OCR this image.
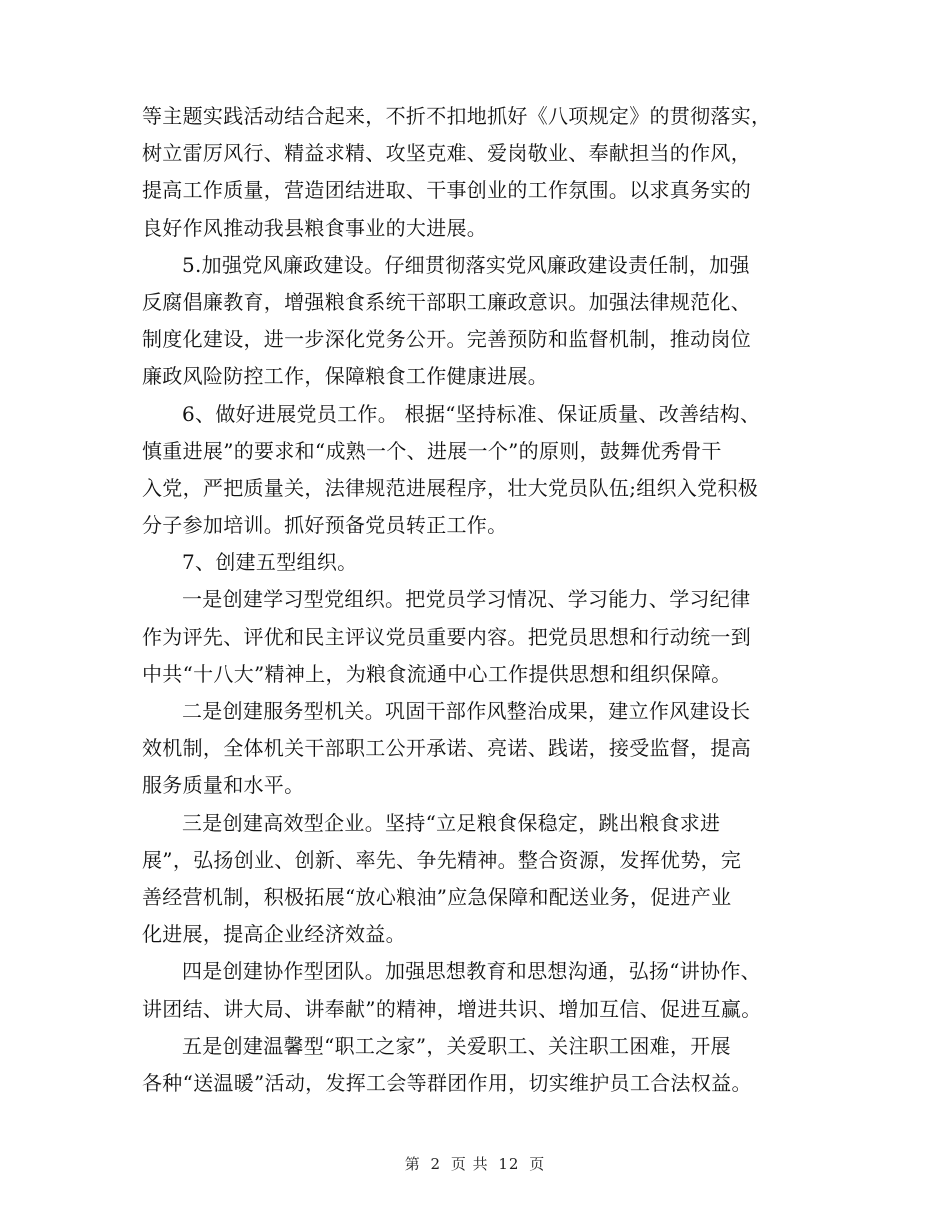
等主题实践活动结合起来，不折不扣地抓好《八项规定》的贯彻落实，
树立雷厉风行、精益求精、攻坚克难、爱岗敬业、奉献担当的作风，
提高工作质量，营造团结进取、干事创业的工作氛围。以求真务实的
良好作风推动我县粮食事业的大进展。
5.加强党风廉政建设。仔细贯彻落实党风廉政建设责任制，加强
反腐倡廉教育，增强粮食系统干部职工廉政意识。加强法律规范化、
制度化建设，进一步深化党务公开。完善预防和监督机制，推动岗位
廉政风险防控工作，保障粮食工作健康进展。
6、做好进展党员工作。 根据“坚持标准、保证质量、改善结构、
慎重进展”的要求和“成熟一个、进展一个”的原则，鼓舞优秀骨干
入党，严把质量关，法律规范进展程序，壮大党员队伍;组织入党积极
分子参加培训。抓好预备党员转正工作。
7、创建五型组织。
一是创建学习型党组织。把党员学习情况、学习能力、学习纪律
作为评先、评优和民主评议党员重要内容。把党员思想和行动统一到
中共“十八大”精神上，为粮食流通中心工作提供思想和组织保障。
二是创建服务型机关。巩固干部作风整治成果，建立作风建设长
效机制，全体机关干部职工公开承诺、亮诺、践诺，接受监督，提高
服务质量和水平。
三是创建高效型企业。坚持“立足粮食保稳定，跳出粮食求进
展”，弘扬创业、创新、率先、争先精神。整合资源，发挥优势，完
善经营机制，积极拓展“放心粮油”应急保障和配送业务，促进产业
化进展，提高企业经济效益。
四是创建协作型团队。加强思想教育和思想沟通，弘扬“讲协作、
讲团结、讲大局、讲奉献”的精神，增进共识、增加互信、促进互赢。
五是创建温馨型“职工之家”，关爱职工、关注职工困难，开展
各种“送温暖”活动，发挥工会等群团作用，切实维护员工合法权益。
第 2 页 共 12 页
